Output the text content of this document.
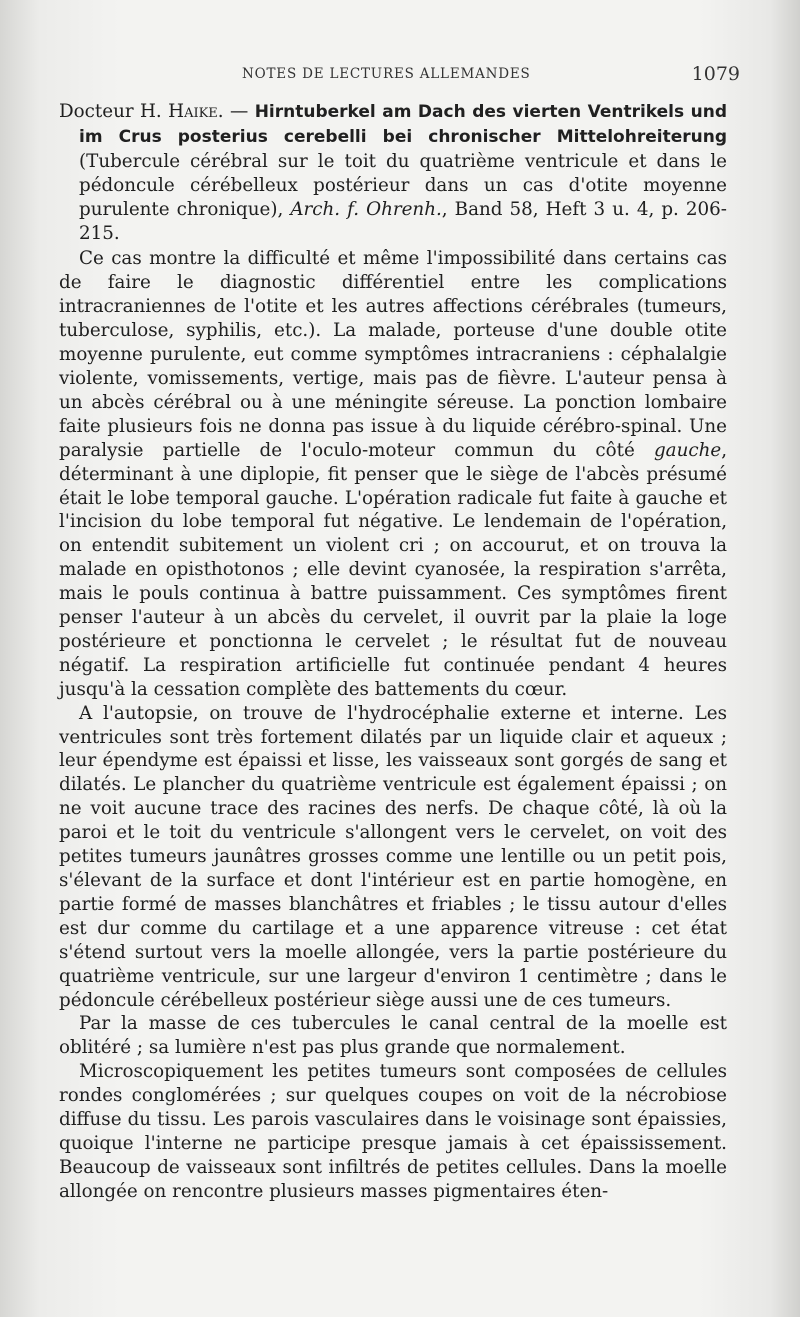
NOTES DE LECTURES ALLEMANDES	1079

Docteur H. Haike. — Hirntuberkel am Dach des vierten Ventrikels und im Crus posterius cerebelli bei chronischer Mittelohreiterung (Tubercule cérébral sur le toit du quatrième ventricule et dans le pédoncule cérébelleux postérieur dans un cas d'otite moyenne purulente chronique), Arch. f. Ohrenh., Band 58, Heft 3 u. 4, p. 206-215.

Ce cas montre la difficulté et même l'impossibilité dans certains cas de faire le diagnostic différentiel entre les complications intracraniennes de l'otite et les autres affections cérébrales (tumeurs, tuberculose, syphilis, etc.). La malade, porteuse d'une double otite moyenne purulente, eut comme symptômes intracraniens : céphalalgie violente, vomissements, vertige, mais pas de fièvre. L'auteur pensa à un abcès cérébral ou à une méningite séreuse. La ponction lombaire faite plusieurs fois ne donna pas issue à du liquide cérébro-spinal. Une paralysie partielle de l'oculo-moteur commun du côté gauche, déterminant à une diplopie, fit penser que le siège de l'abcès présumé était le lobe temporal gauche. L'opération radicale fut faite à gauche et l'incision du lobe temporal fut négative. Le lendemain de l'opération, on entendit subitement un violent cri ; on accourut, et on trouva la malade en opisthotonos ; elle devint cyanosée, la respiration s'arrêta, mais le pouls continua à battre puissamment. Ces symptômes firent penser l'auteur à un abcès du cervelet, il ouvrit par la plaie la loge postérieure et ponctionna le cervelet ; le résultat fut de nouveau négatif. La respiration artificielle fut continuée pendant 4 heures jusqu'à la cessation complète des battements du cœur.

A l'autopsie, on trouve de l'hydrocéphalie externe et interne. Les ventricules sont très fortement dilatés par un liquide clair et aqueux ; leur épendyme est épaissi et lisse, les vaisseaux sont gorgés de sang et dilatés. Le plancher du quatrième ventricule est également épaissi ; on ne voit aucune trace des racines des nerfs. De chaque côté, là où la paroi et le toit du ventricule s'allongent vers le cervelet, on voit des petites tumeurs jaunâtres grosses comme une lentille ou un petit pois, s'élevant de la surface et dont l'intérieur est en partie homogène, en partie formé de masses blanchâtres et friables ; le tissu autour d'elles est dur comme du cartilage et a une apparence vitreuse : cet état s'étend surtout vers la moelle allongée, vers la partie postérieure du quatrième ventricule, sur une largeur d'environ 1 centimètre ; dans le pédoncule cérébelleux postérieur siège aussi une de ces tumeurs.

Par la masse de ces tubercules le canal central de la moelle est oblitéré ; sa lumière n'est pas plus grande que normalement.

Microscopiquement les petites tumeurs sont composées de cellules rondes conglomérées ; sur quelques coupes on voit de la nécrobiose diffuse du tissu. Les parois vasculaires dans le voisinage sont épaissies, quoique l'interne ne participe presque jamais à cet épaississement. Beaucoup de vaisseaux sont infiltrés de petites cellules. Dans la moelle allongée on rencontre plusieurs masses pigmentaires éten-
